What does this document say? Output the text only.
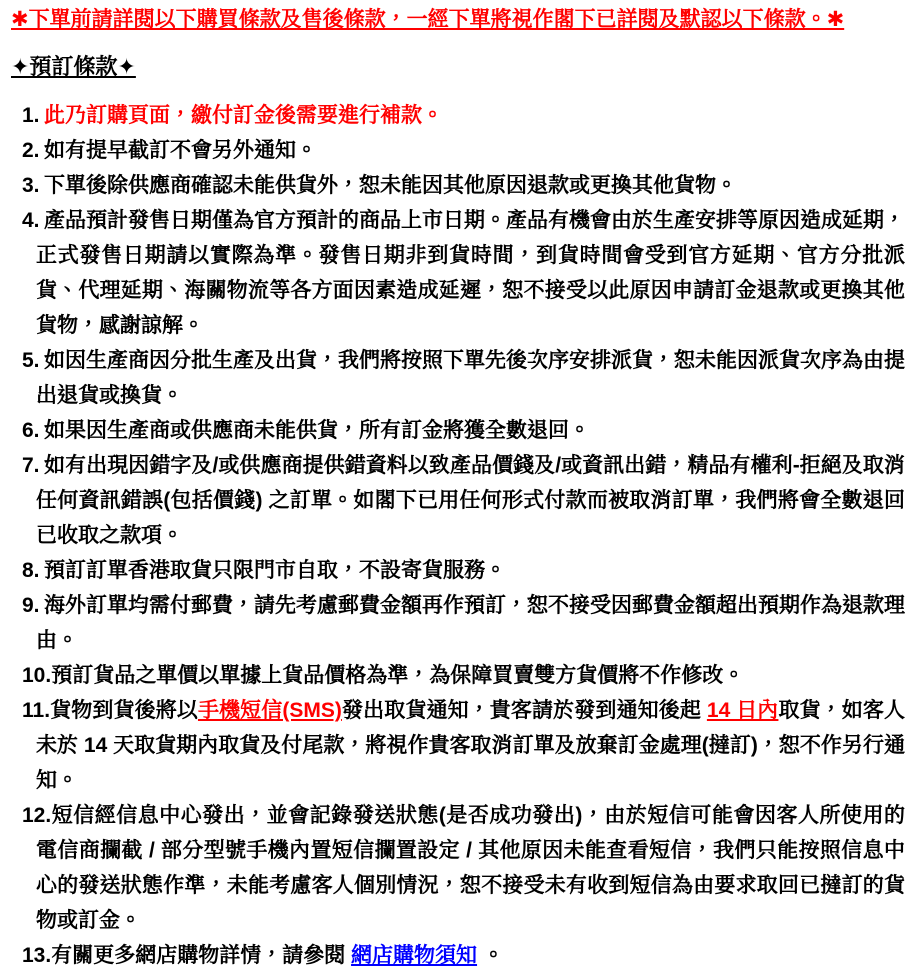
✱下單前請詳閱以下購買條款及售後條款，一經下單將視作閣下已詳閱及默認以下條款。✱

✦預訂條款✦

1. 此乃訂購頁面，繳付訂金後需要進行補款。
2. 如有提早截訂不會另外通知。
3. 下單後除供應商確認未能供貨外，恕未能因其他原因退款或更換其他貨物。
4. 產品預計發售日期僅為官方預計的商品上市日期。產品有機會由於生產安排等原因造成延期，正式發售日期請以實際為準。發售日期非到貨時間，到貨時間會受到官方延期、官方分批派貨、代理延期、海關物流等各方面因素造成延遲，恕不接受以此原因申請訂金退款或更換其他貨物，感謝諒解。
5. 如因生產商因分批生產及出貨，我們將按照下單先後次序安排派貨，恕未能因派貨次序為由提出退貨或換貨。
6. 如果因生產商或供應商未能供貨，所有訂金將獲全數退回。
7. 如有出現因錯字及/或供應商提供錯資料以致產品價錢及/或資訊出錯，精品有權利-拒絕及取消任何資訊錯誤(包括價錢) 之訂單。如閣下已用任何形式付款而被取消訂單，我們將會全數退回已收取之款項。
8. 預訂訂單香港取貨只限門市自取，不設寄貨服務。
9. 海外訂單均需付郵費，請先考慮郵費金額再作預訂，恕不接受因郵費金額超出預期作為退款理由。
10.預訂貨品之單價以單據上貨品價格為準，為保障買賣雙方貨價將不作修改。
11.貨物到貨後將以手機短信(SMS)發出取貨通知，貴客請於發到通知後起 14 日內取貨，如客人未於 14 天取貨期內取貨及付尾款，將視作貴客取消訂單及放棄訂金處理(撻訂)，恕不作另行通知。
12.短信經信息中心發出，並會記錄發送狀態(是否成功發出)，由於短信可能會因客人所使用的電信商攔截 / 部分型號手機內置短信攔置設定 / 其他原因未能查看短信，我們只能按照信息中心的發送狀態作準，未能考慮客人個別情況，恕不接受未有收到短信為由要求取回已撻訂的貨物或訂金。
13.有關更多網店購物詳情，請參閱 網店購物須知 。
